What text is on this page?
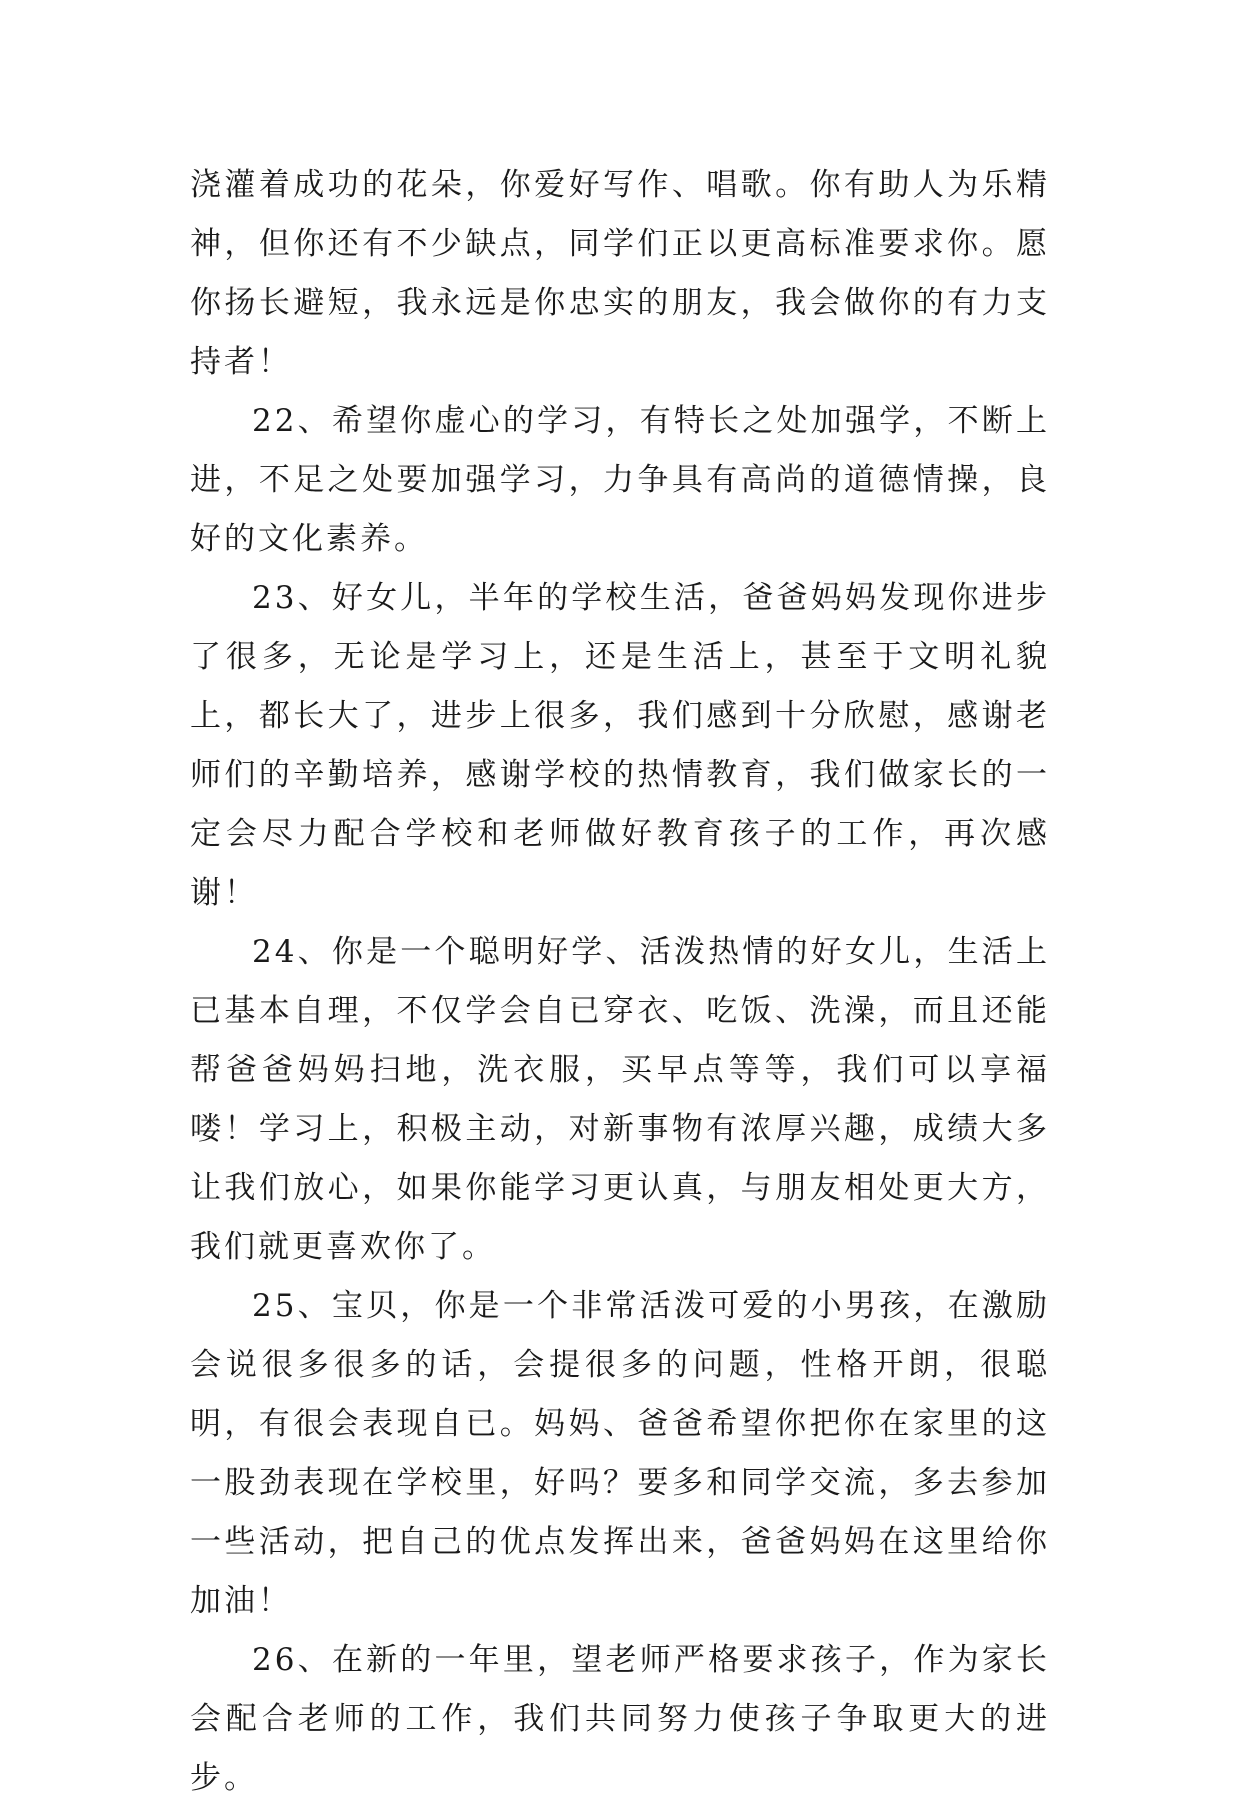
浇灌着成功的花朵，你爱好写作、唱歌。你有助人为乐精神，但你还有不少缺点，同学们正以更高标准要求你。愿你扬长避短，我永远是你忠实的朋友，我会做你的有力支持者！

22、希望你虚心的学习，有特长之处加强学，不断上进，不足之处要加强学习，力争具有高尚的道德情操，良好的文化素养。

23、好女儿，半年的学校生活，爸爸妈妈发现你进步了很多，无论是学习上，还是生活上，甚至于文明礼貌上，都长大了，进步上很多，我们感到十分欣慰，感谢老师们的辛勤培养，感谢学校的热情教育，我们做家长的一定会尽力配合学校和老师做好教育孩子的工作，再次感谢！

24、你是一个聪明好学、活泼热情的好女儿，生活上已基本自理，不仅学会自已穿衣、吃饭、洗澡，而且还能帮爸爸妈妈扫地，洗衣服，买早点等等，我们可以享福喽！学习上，积极主动，对新事物有浓厚兴趣，成绩大多让我们放心，如果你能学习更认真，与朋友相处更大方，我们就更喜欢你了。

25、宝贝，你是一个非常活泼可爱的小男孩，在激励会说很多很多的话，会提很多的问题，性格开朗，很聪明，有很会表现自已。妈妈、爸爸希望你把你在家里的这一股劲表现在学校里，好吗？要多和同学交流，多去参加一些活动，把自己的优点发挥出来，爸爸妈妈在这里给你加油！

26、在新的一年里，望老师严格要求孩子，作为家长会配合老师的工作，我们共同努力使孩子争取更大的进步。
